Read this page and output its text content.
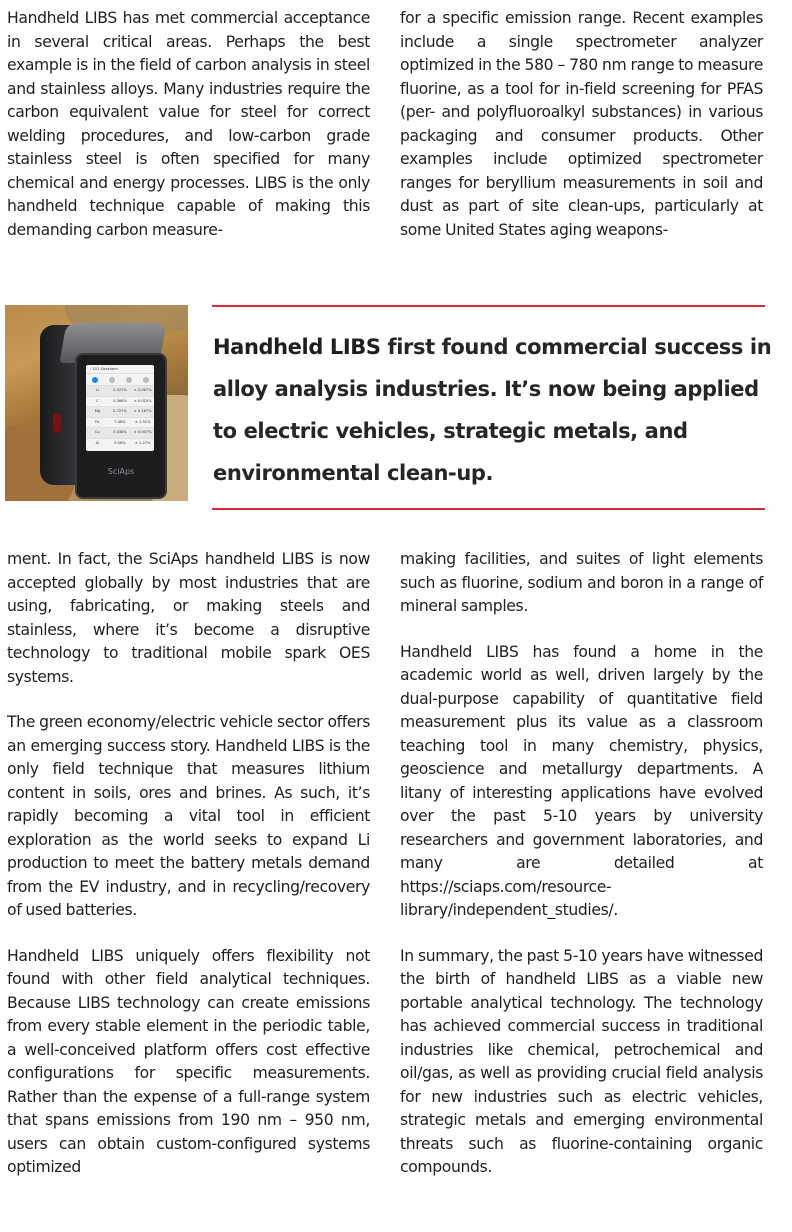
Handheld LIBS has met commercial acceptance in several critical areas. Perhaps the best example is in the field of carbon analysis in steel and stainless alloys. Many industries require the carbon equivalent value for steel for correct welding procedures, and low-carbon grade stainless steel is often specified for many chemical and energy processes. LIBS is the only handheld technique capable of making this demanding carbon measure-

for a specific emission range. Recent examples include a single spectrometer analyzer optimized in the 580 – 780 nm range to measure fluorine, as a tool for in-field screening for PFAS (per- and polyfluoroalkyl substances) in various packaging and consumer products. Other examples include optimized spectrometer ranges for beryllium measurements in soil and dust as part of site clean-ups, particularly at some United States aging weapons-

‹ 101 Geochem
Li	0.527%	± 0.067%
C	0.066%	± 0.010%
Mg	0.727%	± 0.167%
Fe	7.46%	± 1.51%
Cu	0.038%	± 0.007%
Al	9.56%	± 1.27%
SciAps
Handheld LIBS first found commercial success in alloy analysis industries. It’s now being applied to electric vehicles, strategic metals, and environmental clean-up.

ment. In fact, the SciAps handheld LIBS is now accepted globally by most industries that are using, fabricating, or making steels and stainless, where it’s become a disruptive technology to traditional mobile spark OES systems.

The green economy/electric vehicle sector offers an emerging success story. Handheld LIBS is the only field technique that measures lithium content in soils, ores and brines. As such, it’s rapidly becoming a vital tool in efficient exploration as the world seeks to expand Li production to meet the battery metals demand from the EV industry, and in recycling/recovery of used batteries.

Handheld LIBS uniquely offers flexibility not found with other field analytical techniques. Because LIBS technology can create emissions from every stable element in the periodic table, a well-conceived platform offers cost effective configurations for specific measurements. Rather than the expense of a full-range system that spans emissions from 190 nm – 950 nm, users can obtain custom-configured systems optimized

making facilities, and suites of light elements such as fluorine, sodium and boron in a range of mineral samples.

Handheld LIBS has found a home in the academic world as well, driven largely by the dual-purpose capability of quantitative field measurement plus its value as a classroom teaching tool in many chemistry, physics, geoscience and metallurgy departments. A litany of interesting applications have evolved over the past 5-10 years by university researchers and government laboratories, and many are detailed at https://sciaps.com/resource-library/independent_studies/.

In summary, the past 5-10 years have witnessed the birth of handheld LIBS as a viable new portable analytical technology. The technology has achieved commercial success in traditional industries like chemical, petrochemical and oil/gas, as well as providing crucial field analysis for new industries such as electric vehicles, strategic metals and emerging environmental threats such as fluorine-containing organic compounds.
